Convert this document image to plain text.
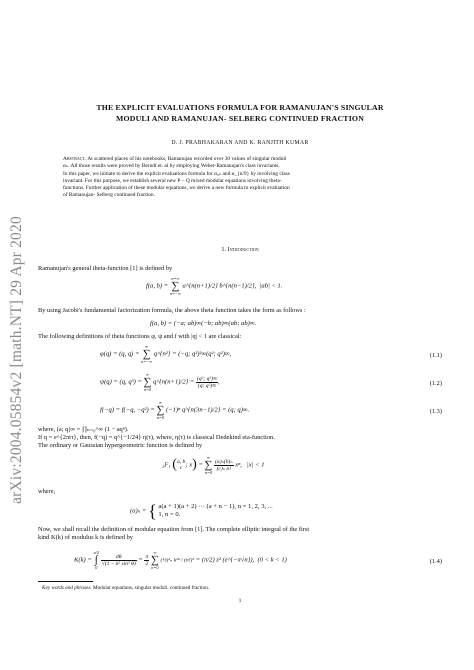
arXiv:2004.05854v2 [math.NT] 29 Apr 2020
THE EXPLICIT EVALUATIONS FORMULA FOR RAMANUJAN'S SINGULAR
MODULI AND RAMANUJAN- SELBERG CONTINUED FRACTION
D. J. PRABHAKARAN AND K. RANJITH KUMAR
Abstract. At scattered places of his notebooks, Ramanujan recorded over 30 values of singular moduli
αₙ. All those results were proved by Berndt et. al by employing Weber-Ramanujan's class invariants.
In this paper, we initiate to derive the explicit evaluations formula for α₉ₙ and α_{n/9} by involving class
invariant. For this purpose, we establish several new P − Q mixed modular equations involving theta-
functions. Further application of these modular equations, we derive a new formula to explicit evaluation
of Ramanujan- Selberg continued fraction.
1. Introduction
Ramanujan's general theta-function [1] is defined by
f(a, b) =
n=∞
∑
n=−∞
a^{n(n+1)/2} b^{n(n−1)/2}, |ab| < 1.
By using Jacobi's fundamental factorization formula, the above theta function takes the form as follows :
f(a, b) = (−a; ab)∞(−b; ab)∞(ab; ab)∞.
The following definitions of theta functions φ, ψ and f with |q| < 1 are classical:
φ(q) = (q, q) =
∞
∑
n=−∞
q^{n²} = (−q; q²)²∞(q²; q²)∞,	(1.1)
ψ(q) = (q, q³) =
∞
∑
n=0
q^{n(n+1)/2} = $\frac{\text{(q²; q²)∞}}{\text{(q; q²)∞}}$ ,	(1.2)
f(−q) = f(−q, −q²) =
∞
∑
n=0
(−1)ⁿ q^{n(3n−1)/2} = (q; q)∞.	(1.3)
where, (a; q)∞ = ∏ₙ₌₀^∞ (1 − aqⁿ).
If q = e^{2πiτ}, then, f(−q) = q^{−1/24} η(τ), where, η(τ) is classical Dedekind eta-function.
The ordinary or Gaussian hypergeometric function is defined by
₂F₁ ( a, b
c ; x) =
∞
∑
n=0

$\frac{\text{(a)ₙ(b)ₙ}}{\text{(c)ₙ n!}} x^n$, |x| < 1
where,
(a)ₙ = { a(a + 1)(a + 2) ··· (a + n − 1), n = 1, 2, 3, ...
1, n = 0.
Now, we shall recall the definition of modular equation from [1]. The complete elliptic integral of the first
kind K(k) of modulus k is defined by
K(k) =
π/2
∫
0

$\frac{d\theta}{\text{√(1 − k² sin² θ)}} = \frac{\pi}{2}$

∞
∑
n=0
(½)²ₙ k²ⁿ / (n!)² = (π/2) z² (e^{−π√n}), (0 < k < 1)	(1.4)
Key words and phrases. Modular equations, singular moduli, continued fraction.
1
